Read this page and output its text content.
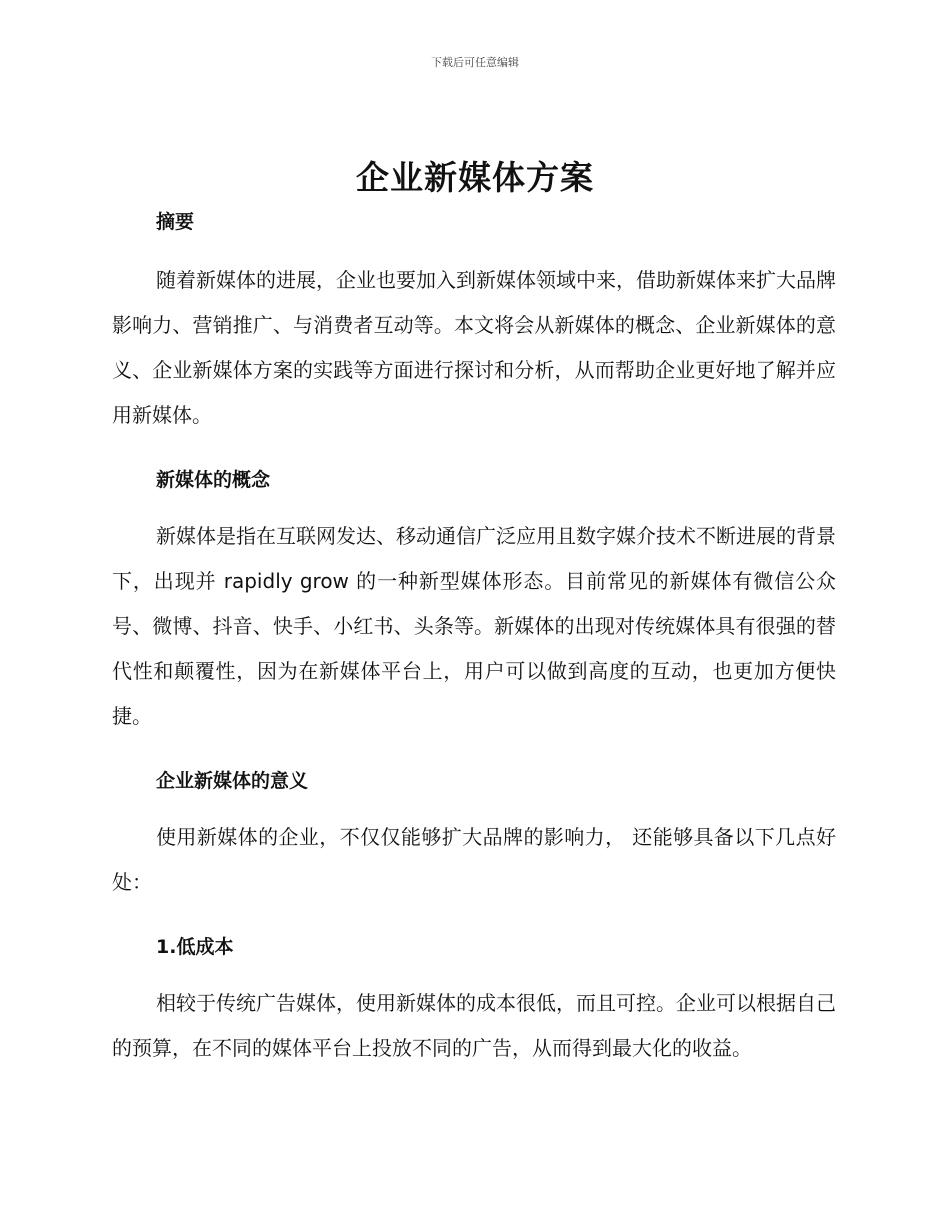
下载后可任意编辑
企业新媒体方案
摘要

随着新媒体的进展，企业也要加入到新媒体领域中来，借助新媒体来扩大品牌影响力、营销推广、与消费者互动等。本文将会从新媒体的概念、企业新媒体的意义、企业新媒体方案的实践等方面进行探讨和分析，从而帮助企业更好地了解并应用新媒体。

新媒体的概念

新媒体是指在互联网发达、移动通信广泛应用且数字媒介技术不断进展的背景下，出现并 rapidly grow 的一种新型媒体形态。目前常见的新媒体有微信公众号、微博、抖音、快手、小红书、头条等。新媒体的出现对传统媒体具有很强的替代性和颠覆性，因为在新媒体平台上，用户可以做到高度的互动，也更加方便快捷。

企业新媒体的意义

使用新媒体的企业，不仅仅能够扩大品牌的影响力， 还能够具备以下几点好处：

1.低成本

相较于传统广告媒体，使用新媒体的成本很低，而且可控。企业可以根据自己的预算，在不同的媒体平台上投放不同的广告，从而得到最大化的收益。
